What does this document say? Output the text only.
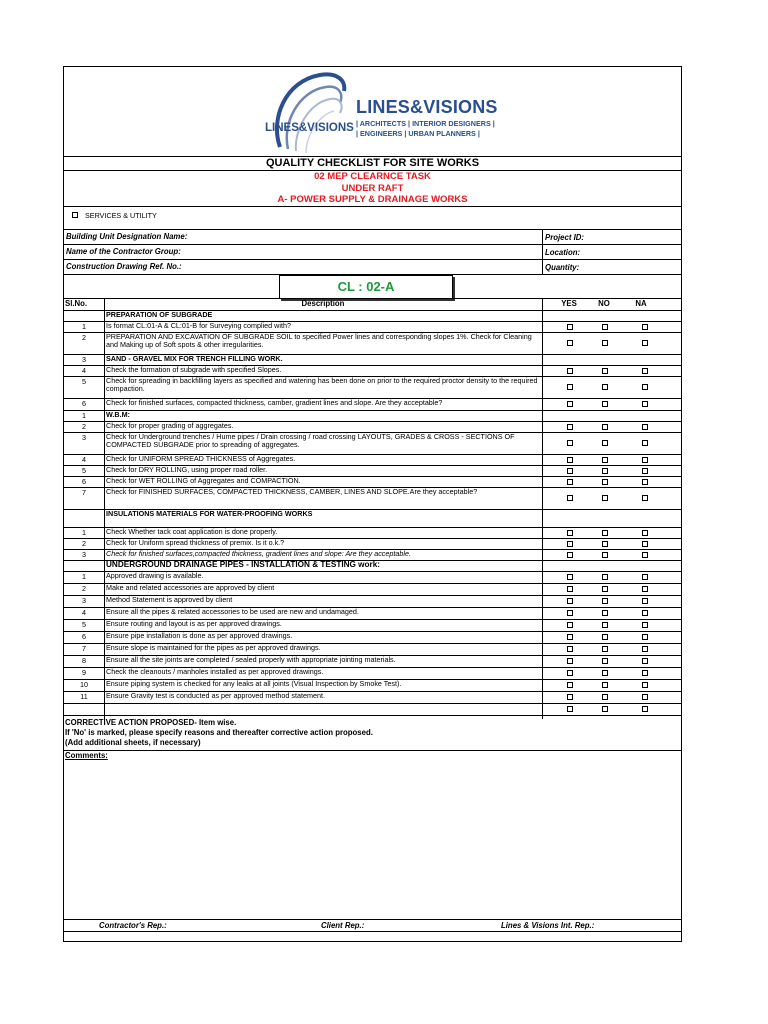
LINES&VISIONS
LINES&VISIONS
| ARCHITECTS | INTERIOR DESIGNERS |
| ENGINEERS | URBAN PLANNERS |
QUALITY CHECKLIST FOR SITE WORKS
02 MEP CLEARNCE TASK
UNDER RAFT
A- POWER SUPPLY & DRAINAGE WORKS
SERVICES & UTILITY
Building Unit Designation Name:	Project ID:
Name of the Contractor Group:	Location:
Construction Drawing Ref. No.:	Quantity:
CL : 02-A
Sl.No.	Description	YES	NO	NA
PREPARATION OF SUBGRADE
1	Is format CL:01-A & CL:01-B for Surveying complied with?
2	PREPARATION AND EXCAVATION OF SUBGRADE SOIL to specified Power lines and corresponding slopes 1%. Check for Cleaning and Making up of Soft spots & other irregularities.
3	SAND - GRAVEL MIX FOR TRENCH FILLING WORK.
4	Check the formation of subgrade with specified Slopes.
5	Check for spreading in backfilling layers as specified and watering has been done on prior to the required proctor density to the required compaction.
6	Check for finished surfaces, compacted thickness, camber, gradient lines and slope. Are they acceptable?
1	W.B.M:
2	Check for proper grading of aggregates.
3	Check for Underground trenches / Hume pipes / Drain crossing / road crossing LAYOUTS, GRADES & CROSS - SECTIONS OF COMPACTED SUBGRADE prior to spreading of aggregates.
4	Check for UNIFORM SPREAD THICKNESS of Aggregates.
5	Check for DRY ROLLING, using proper road roller.
6	Check for WET ROLLING of Aggregates and COMPACTION.
7	Check for FINISHED SURFACES, COMPACTED THICKNESS, CAMBER, LINES AND SLOPE.Are they acceptable?
INSULATIONS MATERIALS FOR WATER-PROOFING WORKS
1	Check Whether tack coat application is done properly.
2	Check for Uniform spread thickness of premix. Is it o.k.?
3	Check for finished surfaces,compacted thickness, gradient lines and slope: Are they acceptable.
UNDERGROUND DRAINAGE PIPES - INSTALLATION & TESTING work:
1	Approved drawing is available.
2	Make and related accessories are approved by client
3	Method Statement is approved by client
4	Ensure all the pipes & related accessories to be used are new and undamaged.
5	Ensure routing and layout is as per approved drawings.
6	Ensure pipe installation is done as per approved drawings.
7	Ensure slope is maintained for the pipes as per approved drawings.
8	Ensure all the site joints are completed / sealed properly with appropriate jointing materials.
9	Check the cleanouts / manholes installed as per approved drawings.
10	Ensure piping system is checked for any leaks at all joints (Visual Inspection by Smoke Test).
11	Ensure Gravity test is conducted as per approved method statement.
CORRECTIVE ACTION PROPOSED- Item wise.
If 'No' is marked, please specify reasons and thereafter corrective action proposed.
(Add additional sheets, if necessary)
Comments:
Contractor's Rep.:	Client Rep.:	Lines & Visions Int. Rep.:
